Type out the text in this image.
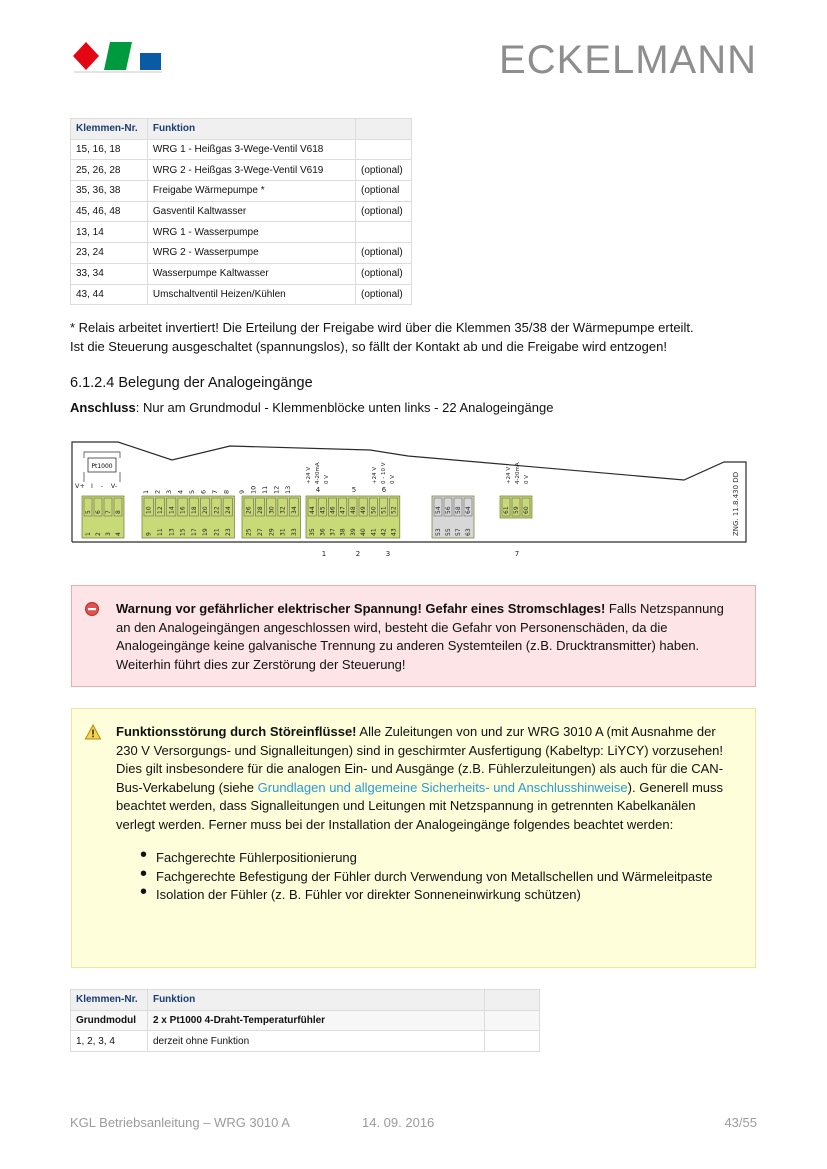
ECKELMANN
Klemmen-Nr.	Funktion	
15, 16, 18	WRG 1 - Heißgas 3-Wege-Ventil V618	
25, 26, 28	WRG 2 - Heißgas 3-Wege-Ventil V619	(optional)
35, 36, 38	Freigabe Wärmepumpe *	(optional
45, 46, 48	Gasventil Kaltwasser	(optional)
13, 14	WRG 1 - Wasserpumpe	
23, 24	WRG 2 - Wasserpumpe	(optional)
33, 34	Wasserpumpe Kaltwasser	(optional)
43, 44	Umschaltventil Heizen/Kühlen	(optional)
* Relais arbeitet invertiert! Die Erteilung der Freigabe wird über die Klemmen 35/38 der Wärmepumpe erteilt.
Ist die Steuerung ausgeschaltet (spannungslos), so fällt der Kontakt ab und die Freigabe wird entzogen!
6.1.2.4 Belegung der Analogeingänge
Anschluss: Nur am Grundmodul - Klemmenblöcke unten links - 22 Analogeingänge
Pt1000
V+ I - V-
1 2 3 4 5 6 7 8 9 10 11 12 13
+24 V 4-20mA 0 V	+24 V 0 - 10 V 0 V	+24 V 4-20mA 0 V
4	5	6
5
1
6
2
7
3
8
4
10
9
12
11
14
13
16
15
18
17
20
19
22
21
24
23
26
25
28
27
30
29
32
31
34
33
44
35
45
36
46
37
47
38
48
39
49
40
50
41
51
42
52
43
54
53
56
55
58
57
64
63
61 59 60
1	2	3	7
ZNG. 11.8.430 DD
Warnung vor gefährlicher elektrischer Spannung! Gefahr eines Stromschlages! Falls Netzspannung an den Analogeingängen angeschlossen wird, besteht die Gefahr von Personenschäden, da die Analogeingänge keine galvanische Trennung zu anderen Systemteilen (z.B. Drucktransmitter) haben. Weiterhin führt dies zur Zerstörung der Steuerung!
Funktionsstörung durch Störeinflüsse! Alle Zuleitungen von und zur WRG 3010 A (mit Ausnahme der 230 V Versorgungs- und Signalleitungen) sind in geschirmter Ausfertigung (Kabeltyp: LiYCY) vorzusehen! Dies gilt insbesondere für die analogen Ein- und Ausgänge (z.B. Fühlerzuleitungen) als auch für die CAN-Bus-Verkabelung (siehe Grundlagen und allgemeine Sicherheits- und Anschlusshinweise). Generell muss beachtet werden, dass Signalleitungen und Leitungen mit Netzspannung in getrennten Kabelkanälen verlegt werden. Ferner muss bei der Installation der Analogeingänge folgendes beachtet werden:
• Fachgerechte Fühlerpositionierung
• Fachgerechte Befestigung der Fühler durch Verwendung von Metallschellen und Wärmeleitpaste
• Isolation der Fühler (z. B. Fühler vor direkter Sonneneinwirkung schützen)
Klemmen-Nr.	Funktion	
Grundmodul	2 x Pt1000 4-Draht-Temperaturfühler	
1, 2, 3, 4	derzeit ohne Funktion	
KGL Betriebsanleitung – WRG 3010 A	14. 09. 2016	43/55
